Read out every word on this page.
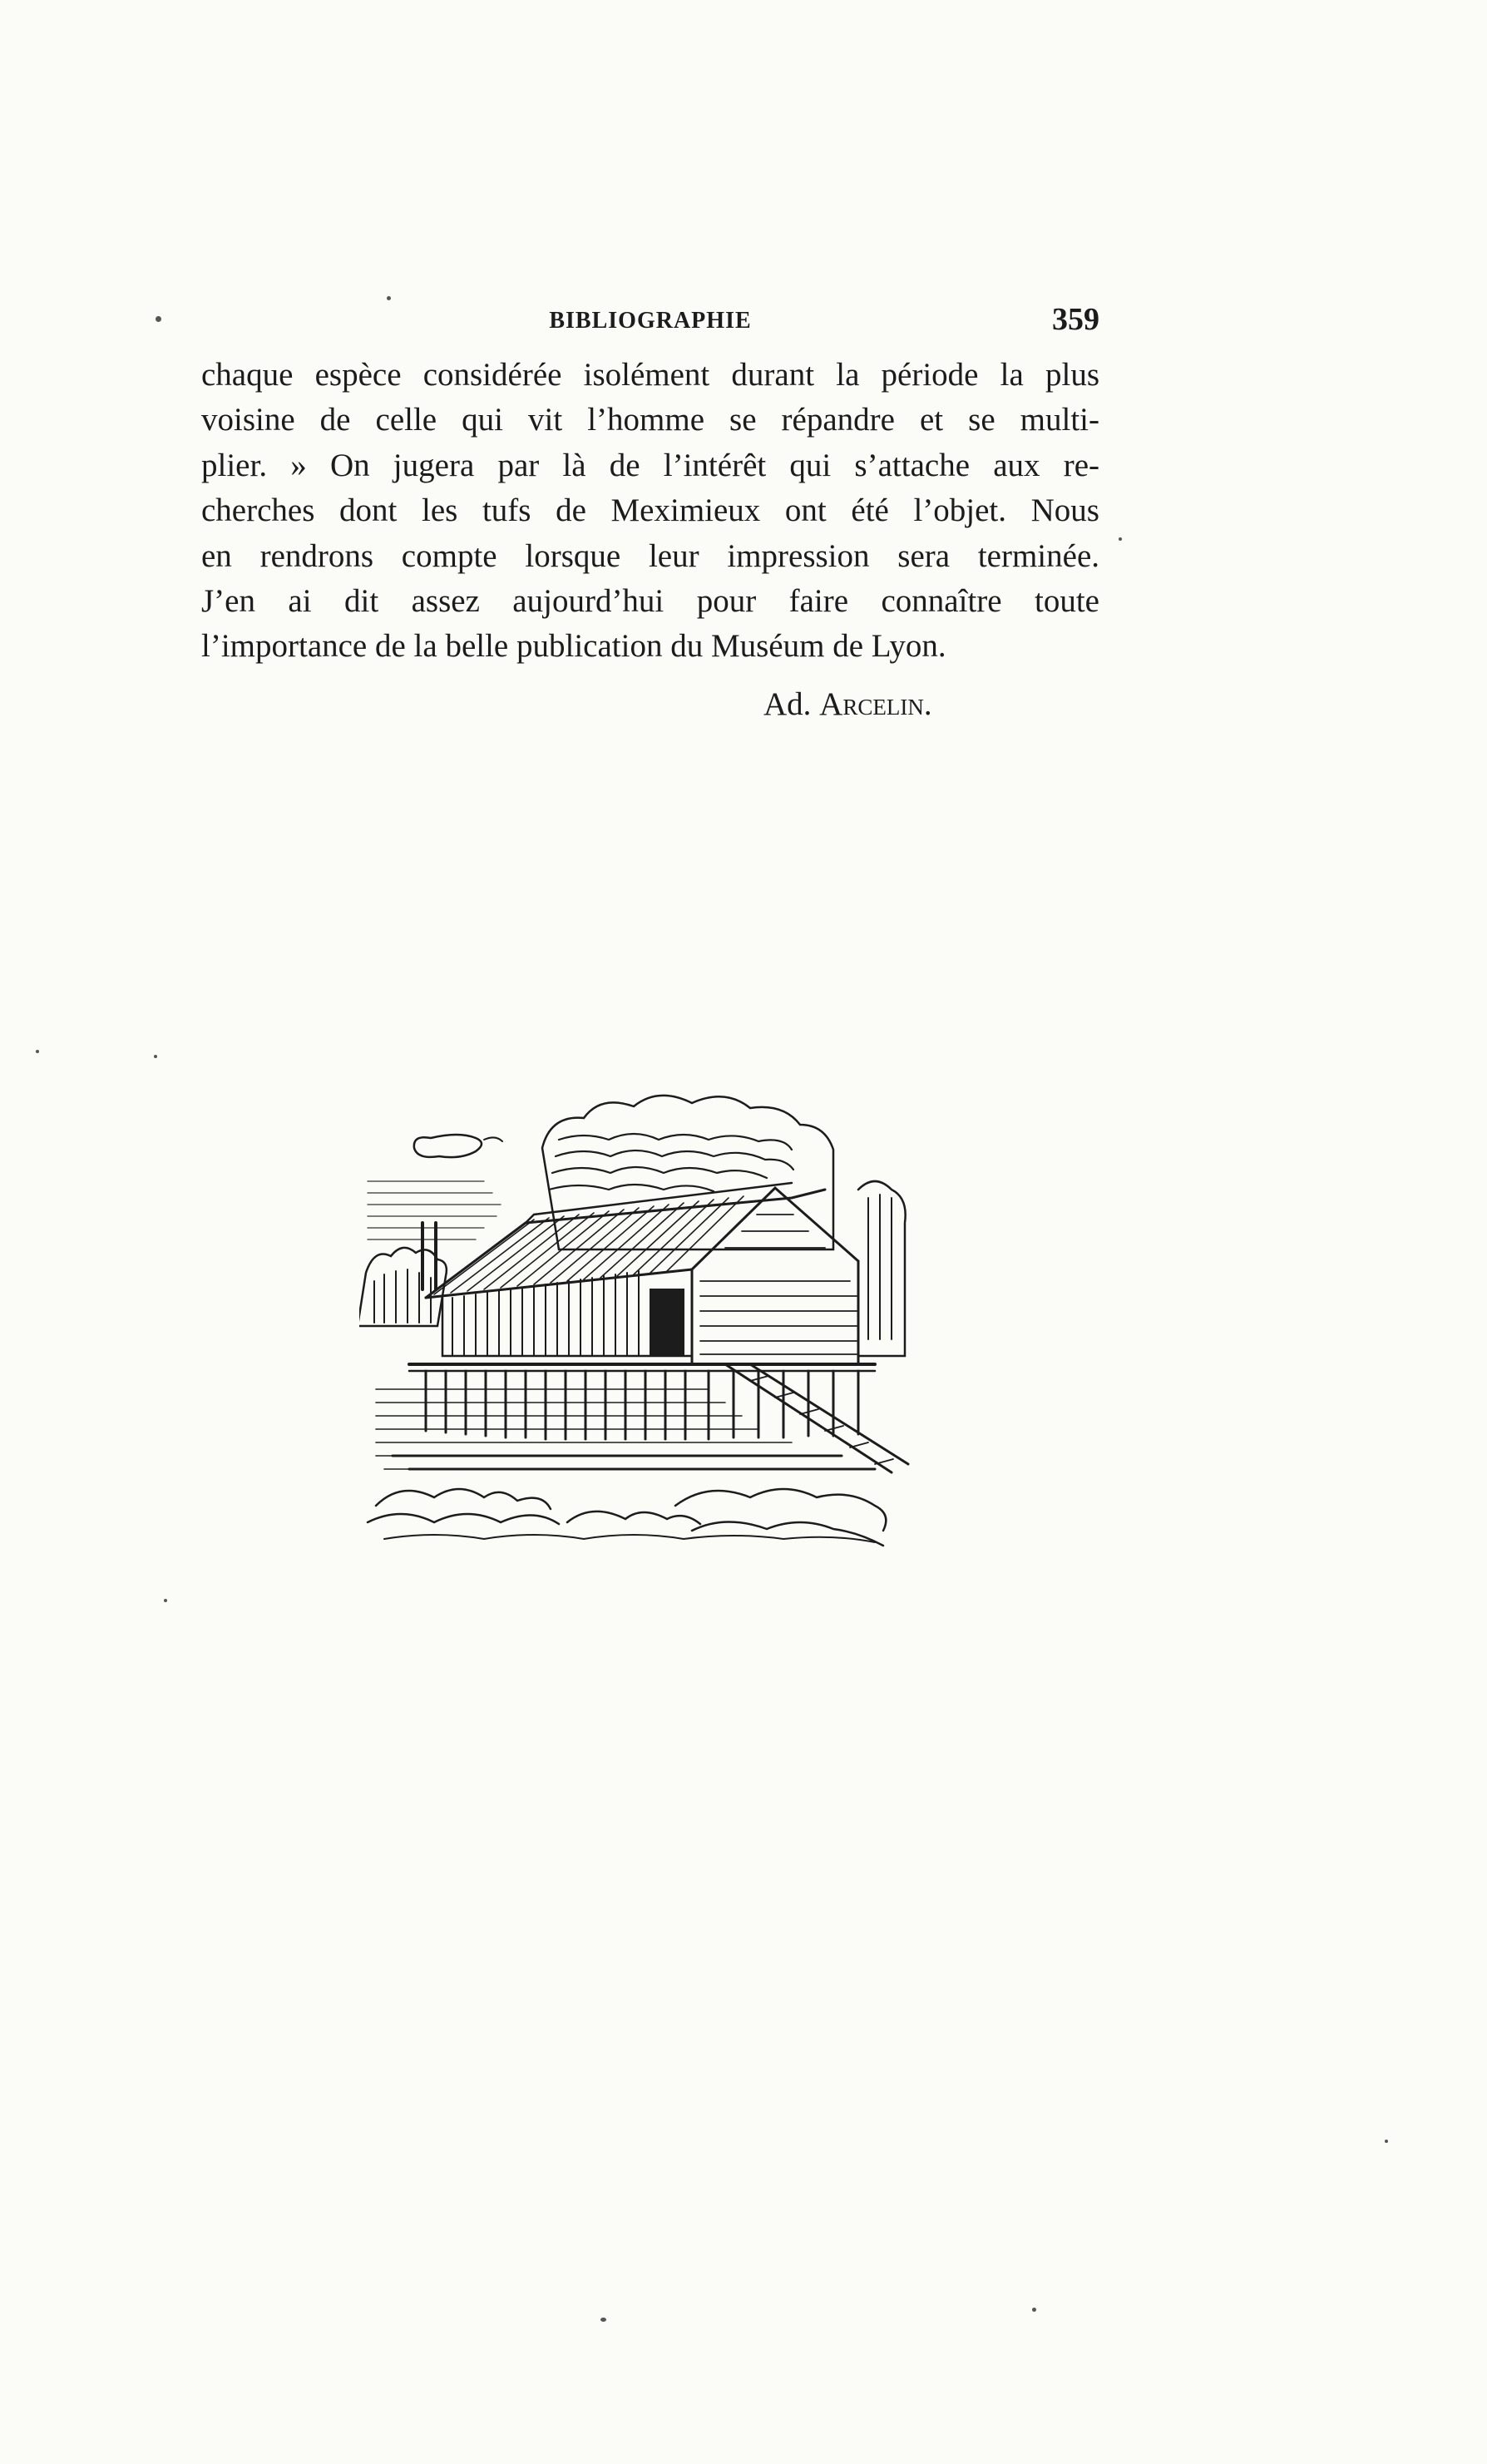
BIBLIOGRAPHIE	359
chaque espèce considérée isolément durant la période la plus
voisine de celle qui vit l’homme se répandre et se multi-
plier. » On jugera par là de l’intérêt qui s’attache aux re-
cherches dont les tufs de Meximieux ont été l’objet. Nous
en rendrons compte lorsque leur impression sera terminée.
J’en ai dit assez aujourd’hui pour faire connaître toute
l’importance de la belle publication du Muséum de Lyon.
Ad. Arcelin.
